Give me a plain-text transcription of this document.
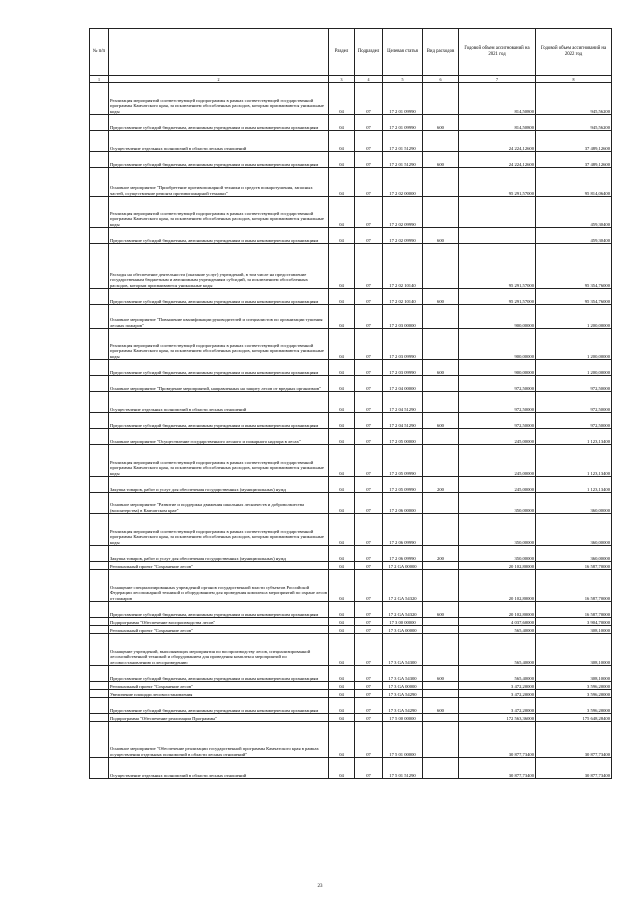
№ п/п		Раздел	Подраздел	Целевая статья	Вид расходов	Годовой объем ассигнований на 2021 год	Годовой объем ассигнований на 2022 год
1	2	3	4	5	6	7	8
	Реализация мероприятий соответствующей подпрограммы в рамках соответствующей государственной программы Камчатского края, за исключением обособленных расходов, которым присваиваются уникальные коды	04	07	17 2 01 09990		814,50800	945,56200
	Предоставление субсидий бюджетным, автономным учреждениям и иным некоммерческим организациям	04	07	17 2 01 09990	600	814,50800	945,56200
	Осуществление отдельных полномочий в области лесных отношений	04	07	17 2 01 51290		24 224,12600	37 489,12600
	Предоставление субсидий бюджетным, автономным учреждениям и иным некоммерческим организациям	04	07	17 2 01 51290	600	24 224,12600	37 489,12600
	Основное мероприятие "Приобретение противопожарной техники и средств пожаротушения, запасных частей, осуществление ремонта противопожарной техники"	04	07	17 2 02 00000		95 291,57000	95 814,06400
	Реализация мероприятий соответствующей подпрограммы в рамках соответствующей государственной программы Камчатского края, за исключением обособленных расходов, которым присваиваются уникальные коды	04	07	17 2 02 09990			459,30400
	Предоставление субсидий бюджетным, автономным учреждениям и иным некоммерческим организациям	04	07	17 2 02 09990	600		459,30400
	Расходы на обеспечение деятельности (оказание услуг) учреждений, в том числе на предоставление государственным бюджетным и автономным учреждениям субсидий, за исключением обособленных расходов, которым присваиваются уникальные коды	04	07	17 2 02 10140		95 291,57000	95 354,76000
	Предоставление субсидий бюджетным, автономным учреждениям и иным некоммерческим организациям	04	07	17 2 02 10140	600	95 291,57000	95 354,76000
	Основное мероприятие "Повышение квалификации руководителей и специалистов по организации тушения лесных пожаров"	04	07	17 2 03 00000		900,00000	1 200,00000
	Реализация мероприятий соответствующей подпрограммы в рамках соответствующей государственной программы Камчатского края, за исключением обособленных расходов, которым присваиваются уникальные коды	04	07	17 2 03 09990		900,00000	1 200,00000
	Предоставление субсидий бюджетным, автономным учреждениям и иным некоммерческим организациям	04	07	17 2 03 09990	600	900,00000	1 200,00000
	Основное мероприятие "Проведение мероприятий, направленных на защиту лесов от вредных организмов"	04	07	17 2 04 00000		972,50000	972,50000
	Осуществление отдельных полномочий в области лесных отношений	04	07	17 2 04 51290		972,50000	972,50000
	Предоставление субсидий бюджетным, автономным учреждениям и иным некоммерческим организациям	04	07	17 2 04 51290	600	972,50000	972,50000
	Основное мероприятие "Осуществление государственного лесного и пожарного надзора в лесах"	04	07	17 2 05 00000		245,00000	1 123,13400
	Реализация мероприятий соответствующей подпрограммы в рамках соответствующей государственной программы Камчатского края, за исключением обособленных расходов, которым присваиваются уникальные коды	04	07	17 2 05 09990		245,00000	1 123,13400
	Закупка товаров, работ и услуг для обеспечения государственных (муниципальных) нужд	04	07	17 2 05 09990	200	245,00000	1 123,13400
	Основное мероприятие "Развитие и поддержка движения школьных лесничеств и добровольчества (волонтерства) в Камчатском крае"	04	07	17 2 06 00000		350,00000	360,00000
	Реализация мероприятий соответствующей подпрограммы в рамках соответствующей государственной программы Камчатского края, за исключением обособленных расходов, которым присваиваются уникальные коды	04	07	17 2 06 09990		350,00000	360,00000
	Закупка товаров, работ и услуг для обеспечения государственных (муниципальных) нужд	04	07	17 2 06 09990	200	350,00000	360,00000
	Региональный проект "Сохранение лесов"	04	07	17 2 GA 00000		20 102,80000	16 587,70000
	Оснащение специализированных учреждений органов государственной власти субъектов Российской Федерации лесопожарной техникой и оборудованием для проведения комплекса мероприятий по охране лесов от пожаров	04	07	17 2 GA 54320		20 102,80000	16 587,70000
	Предоставление субсидий бюджетным, автономным учреждениям и иным некоммерческим организациям	04	07	17 2 GA 54320	600	20 102,80000	16 587,70000
	Подпрограмма "Обеспечение воспроизводства лесов"	04	07	17 3 00 00000		4 037,60000	3 904,70000
	Региональный проект "Сохранение лесов"	04	07	17 3 GA 00000		565,40000	308,10000
	Оснащение учреждений, выполняющих мероприятия по воспроизводству лесов, специализированной лесохозяйственной техникой и оборудованием для проведения комплекса мероприятий по лесовосстановлению и лесоразведению	04	07	17 3 GA 54300		565,40000	308,10000
	Предоставление субсидий бюджетным, автономным учреждениям и иным некоммерческим организациям	04	07	17 3 GA 54300	600	565,40000	308,10000
	Региональный проект "Сохранение лесов"	04	07	17 3 GA 00000		3 472,20000	3 596,20000
	Увеличение площади лесовосстановления	04	07	17 3 GA 54290		3 472,20000	3 596,20000
	Предоставление субсидий бюджетным, автономным учреждениям и иным некоммерческим организациям	04	07	17 3 GA 54290	600	3 472,20000	3 596,20000
	Подпрограмма "Обеспечение реализации Программы"	04	07	17 5 00 00000		172 563,36000	175 648,28400
	Основное мероприятие "Обеспечение реализации государственной программы Камчатского края в рамках осуществления отдельных полномочий в области лесных отношений"	04	07	17 5 01 00000		30 877,73400	30 877,73400
	Осуществление отдельных полномочий в области лесных отношений	04	07	17 5 01 51290		30 877,73400	30 877,73400
23
